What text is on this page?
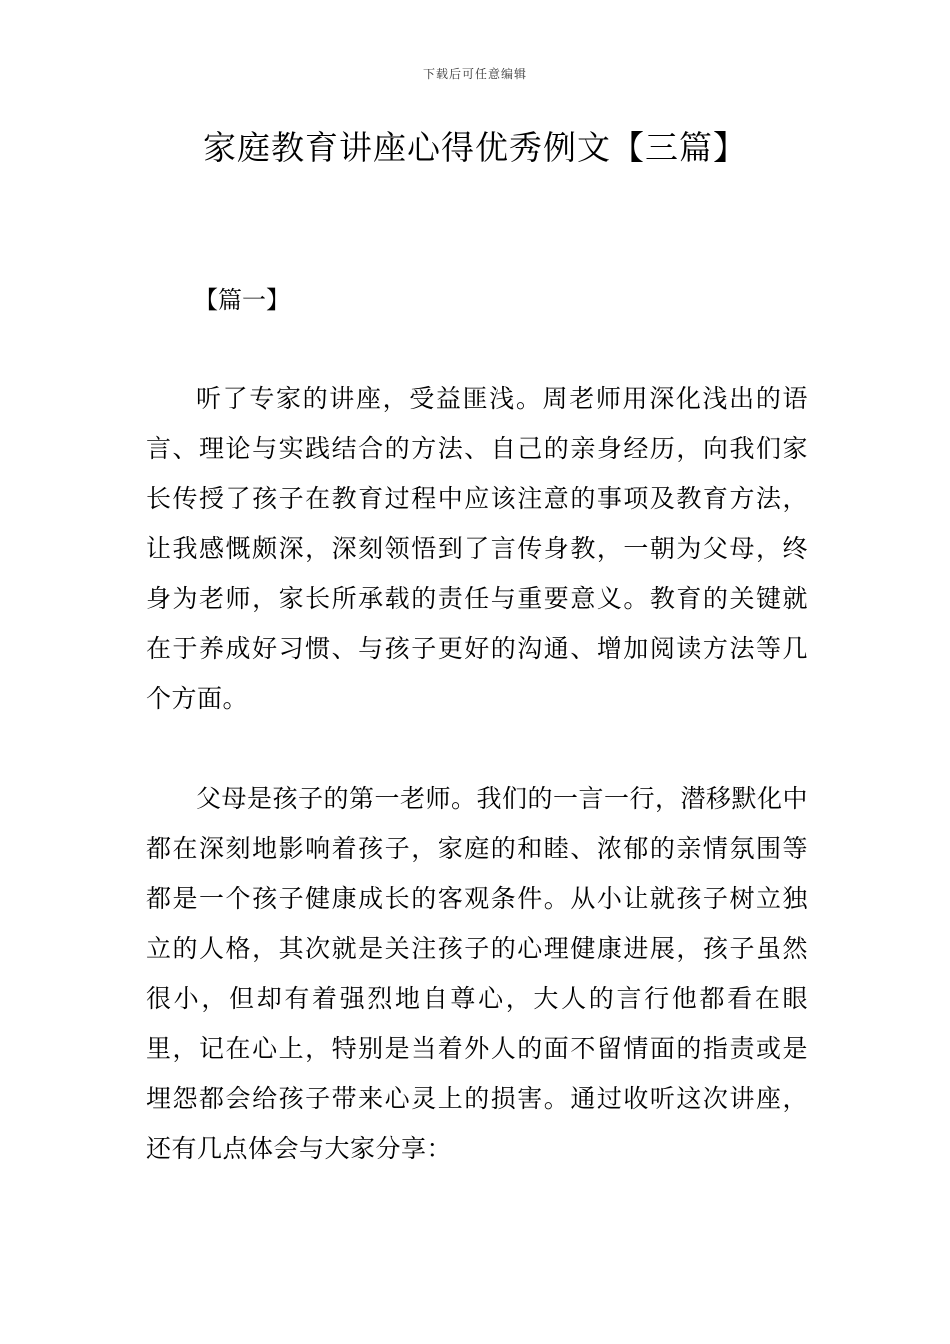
下载后可任意编辑
家庭教育讲座心得优秀例文【三篇】
【篇一】

听了专家的讲座，受益匪浅。周老师用深化浅出的语言、理论与实践结合的方法、自己的亲身经历，向我们家长传授了孩子在教育过程中应该注意的事项及教育方法，让我感慨颇深，深刻领悟到了言传身教，一朝为父母，终身为老师，家长所承载的责任与重要意义。教育的关键就在于养成好习惯、与孩子更好的沟通、增加阅读方法等几个方面。

父母是孩子的第一老师。我们的一言一行，潜移默化中都在深刻地影响着孩子，家庭的和睦、浓郁的亲情氛围等都是一个孩子健康成长的客观条件。从小让就孩子树立独立的人格，其次就是关注孩子的心理健康进展，孩子虽然很小，但却有着强烈地自尊心，大人的言行他都看在眼里，记在心上，特别是当着外人的面不留情面的指责或是埋怨都会给孩子带来心灵上的损害。通过收听这次讲座，还有几点体会与大家分享：
